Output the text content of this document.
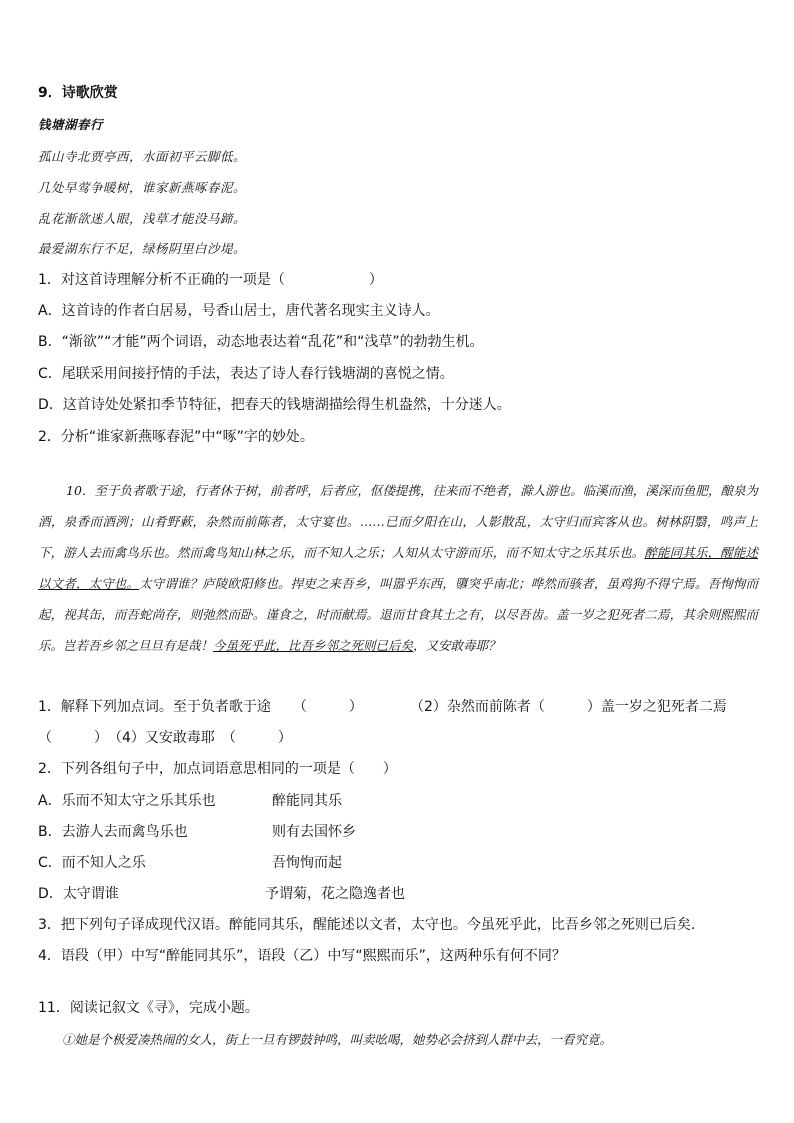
9．诗歌欣赏
钱塘湖春行
孤山寺北贾亭西，水面初平云脚低。
几处早莺争暖树，谁家新燕啄春泥。
乱花渐欲迷人眼，浅草才能没马蹄。
最爱湖东行不足，绿杨阴里白沙堤。
1．对这首诗理解分析不正确的一项是（　　　　　　）
A．这首诗的作者白居易，号香山居士，唐代著名现实主义诗人。
B．“渐欲”“才能”两个词语，动态地表达着“乱花”和“浅草”的勃勃生机。
C．尾联采用间接抒情的手法，表达了诗人春行钱塘湖的喜悦之情。
D．这首诗处处紧扣季节特征，把春天的钱塘湖描绘得生机盎然，十分迷人。
2．分析“谁家新燕啄春泥”中“啄”字的妙处。
10．至于负者歌于途，行者休于树，前者呼，后者应，伛偻提携，往来而不绝者，滁人游也。临溪而渔，溪深而鱼肥，酿泉为酒，泉香而酒洌；山肴野蔌，杂然而前陈者，太守宴也。……已而夕阳在山，人影散乱，太守归而宾客从也。树林阴翳，鸣声上下，游人去而禽鸟乐也。然而禽鸟知山林之乐，而不知人之乐；人知从太守游而乐，而不知太守之乐其乐也。醉能同其乐，醒能述以文者，太守也。太守谓谁？庐陵欧阳修也。捍吏之来吾乡，叫嚣乎东西，隳突乎南北；哗然而骇者，虽鸡狗不得宁焉。吾恂恂而起，视其缶，而吾蛇尚存，则弛然而卧。谨食之，时而献焉。退而甘食其土之有，以尽吾齿。盖一岁之犯死者二焉，其余则熙熙而乐。岂若吾乡邻之旦旦有是哉！今虽死乎此，比吾乡邻之死则已后矣，又安敢毒耶？
1．解释下列加点词。至于负者歌于途 （　　　）	（2）杂然而前陈者（　　　）盖一岁之犯死者二焉
（　　　）　（4）又安敢毒耶　（　　　）
2．下列各组句子中，加点词语意思相同的一项是（　　）
A．乐而不知太守之乐其乐也	醉能同其乐
B．去游人去而禽鸟乐也	则有去国怀乡
C．而不知人之乐	吾恂恂而起
D．太守谓谁	予谓菊，花之隐逸者也
3．把下列句子译成现代汉语。醉能同其乐，醒能述以文者，太守也。今虽死乎此，比吾乡邻之死则已后矣.
4．语段（甲）中写“醉能同其乐”，语段（乙）中写“熙熙而乐”，这两种乐有何不同？
11．阅读记叙文《寻》，完成小题。
①她是个极爱凑热闹的女人，街上一旦有锣鼓钟鸣，叫卖吆喝，她势必会挤到人群中去，一看究竟。
